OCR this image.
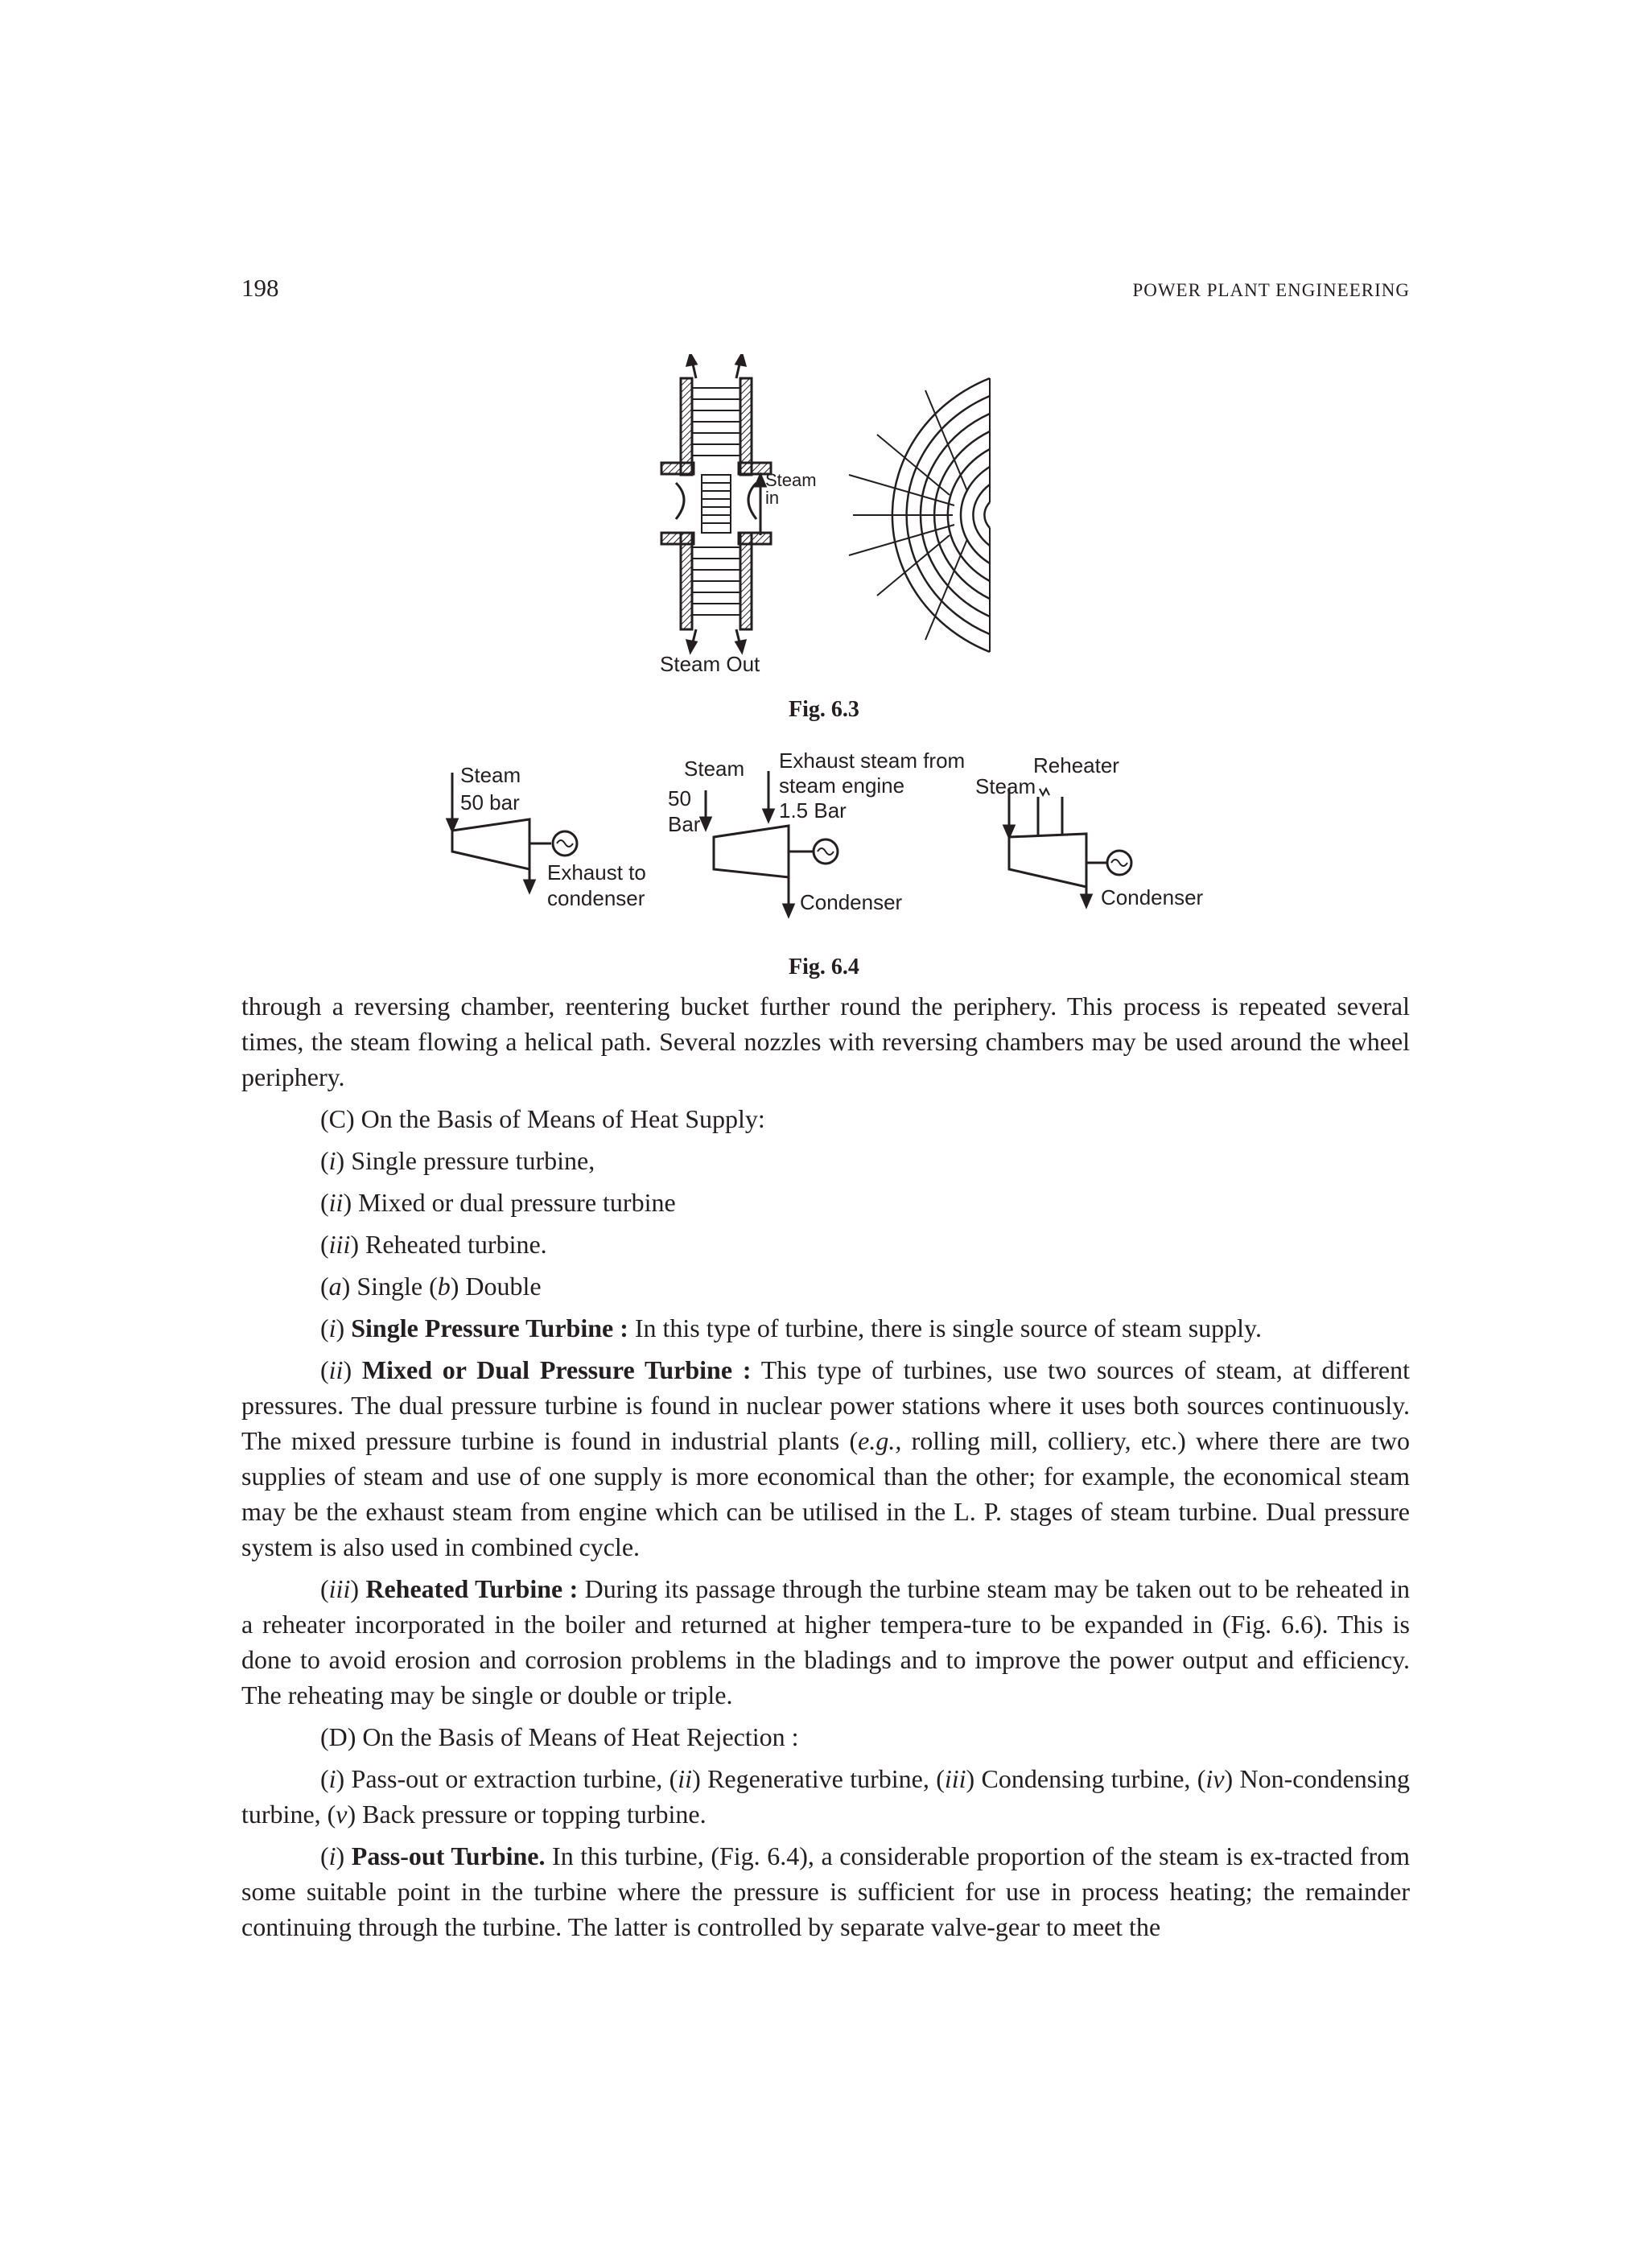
198	POWER PLANT ENGINEERING
Steam
in
Steam Out
Fig. 6.3
Steam
50 bar
Exhaust to
condenser
Steam
50
Bar
Exhaust steam from
steam engine
1.5 Bar
Condenser
Reheater
Steam
Condenser
Fig. 6.4

through a reversing chamber, reentering bucket further round the periphery. This process is repeated several times, the steam flowing a helical path. Several nozzles with reversing chambers may be used around the wheel periphery.

(C) On the Basis of Means of Heat Supply:

(i) Single pressure turbine,

(ii) Mixed or dual pressure turbine

(iii) Reheated turbine.

(a) Single (b) Double

(i) Single Pressure Turbine : In this type of turbine, there is single source of steam supply.

(ii) Mixed or Dual Pressure Turbine : This type of turbines, use two sources of steam, at different pressures. The dual pressure turbine is found in nuclear power stations where it uses both sources continuously. The mixed pressure turbine is found in industrial plants (e.g., rolling mill, colliery, etc.) where there are two supplies of steam and use of one supply is more economical than the other; for example, the economical steam may be the exhaust steam from engine which can be utilised in the L. P. stages of steam turbine. Dual pressure system is also used in combined cycle.

(iii) Reheated Turbine : During its passage through the turbine steam may be taken out to be reheated in a reheater incorporated in the boiler and returned at higher tempera-ture to be expanded in (Fig. 6.6). This is done to avoid erosion and corrosion problems in the bladings and to improve the power output and efficiency. The reheating may be single or double or triple.

(D) On the Basis of Means of Heat Rejection :

(i) Pass-out or extraction turbine, (ii) Regenerative turbine, (iii) Condensing turbine, (iv) Non-condensing turbine, (v) Back pressure or topping turbine.

(i) Pass-out Turbine. In this turbine, (Fig. 6.4), a considerable proportion of the steam is ex-tracted from some suitable point in the turbine where the pressure is sufficient for use in process heating; the remainder continuing through the turbine. The latter is controlled by separate valve-gear to meet the
